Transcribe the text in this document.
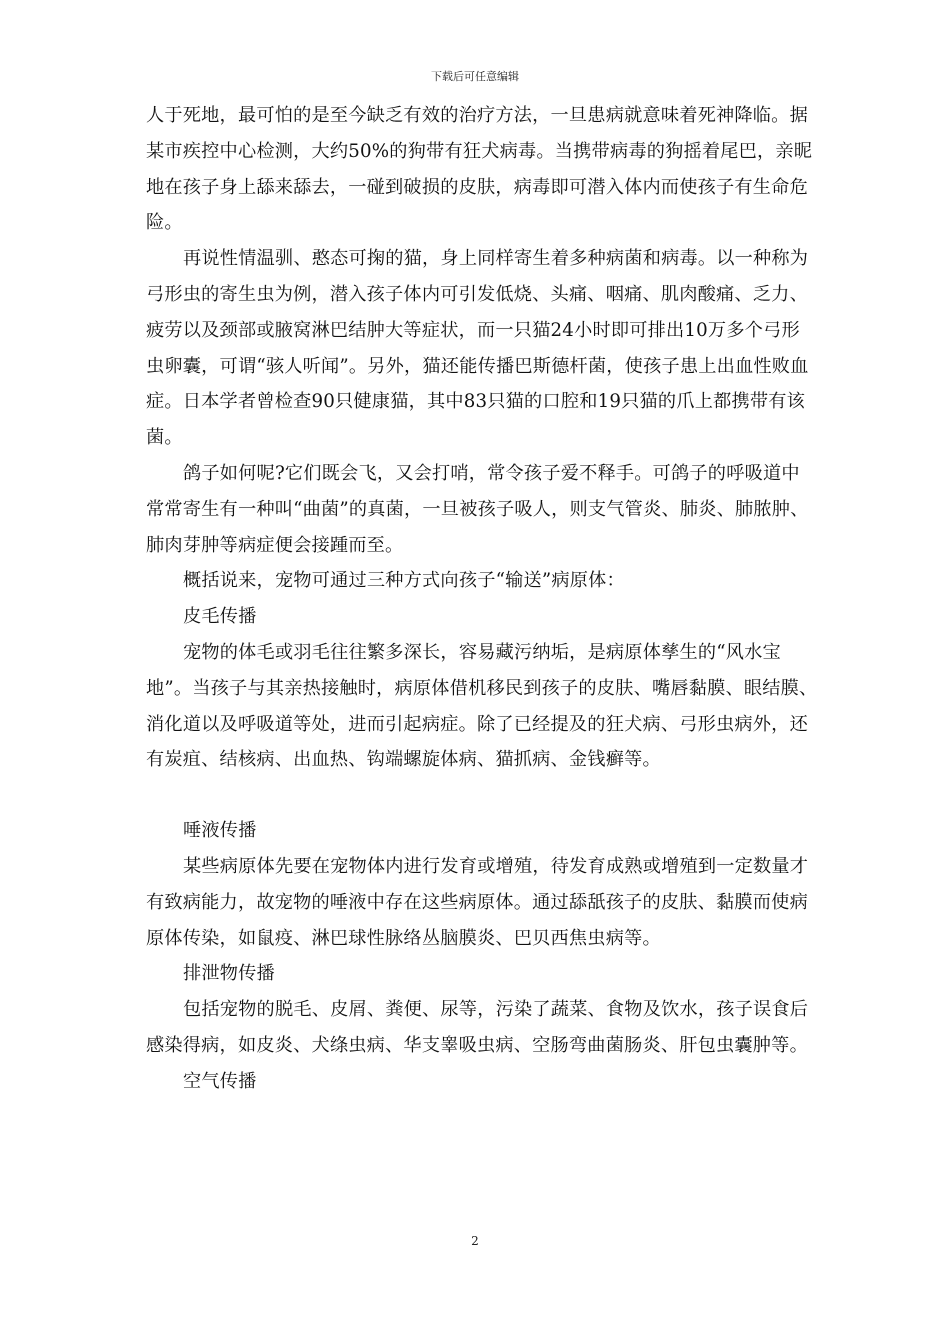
下载后可任意编辑

人于死地，最可怕的是至今缺乏有效的治疗方法，一旦患病就意味着死神降临。据某市疾控中心检测，大约50%的狗带有狂犬病毒。当携带病毒的狗摇着尾巴，亲昵地在孩子身上舔来舔去，一碰到破损的皮肤，病毒即可潜入体内而使孩子有生命危险。

再说性情温驯、憨态可掬的猫，身上同样寄生着多种病菌和病毒。以一种称为弓形虫的寄生虫为例，潜入孩子体内可引发低烧、头痛、咽痛、肌肉酸痛、乏力、疲劳以及颈部或腋窝淋巴结肿大等症状，而一只猫24小时即可排出10万多个弓形虫卵囊，可谓“骇人听闻”。另外，猫还能传播巴斯德杆菌，使孩子患上出血性败血症。日本学者曾检查90只健康猫，其中83只猫的口腔和19只猫的爪上都携带有该菌。

鸽子如何呢?它们既会飞，又会打哨，常令孩子爱不释手。可鸽子的呼吸道中常常寄生有一种叫“曲菌”的真菌，一旦被孩子吸人，则支气管炎、肺炎、肺脓肿、肺肉芽肿等病症便会接踵而至。

概括说来，宠物可通过三种方式向孩子“输送”病原体：

皮毛传播

宠物的体毛或羽毛往往繁多深长，容易藏污纳垢，是病原体孳生的“风水宝地”。当孩子与其亲热接触时，病原体借机移民到孩子的皮肤、嘴唇黏膜、眼结膜、消化道以及呼吸道等处，进而引起病症。除了已经提及的狂犬病、弓形虫病外，还有炭疽、结核病、出血热、钩端螺旋体病、猫抓病、金钱癣等。

唾液传播

某些病原体先要在宠物体内进行发育或增殖，待发育成熟或增殖到一定数量才有致病能力，故宠物的唾液中存在这些病原体。通过舔舐孩子的皮肤、黏膜而使病原体传染，如鼠疫、淋巴球性脉络丛脑膜炎、巴贝西焦虫病等。

排泄物传播

包括宠物的脱毛、皮屑、粪便、尿等，污染了蔬菜、食物及饮水，孩子误食后感染得病，如皮炎、犬绦虫病、华支睾吸虫病、空肠弯曲菌肠炎、肝包虫囊肿等。

空气传播

2
